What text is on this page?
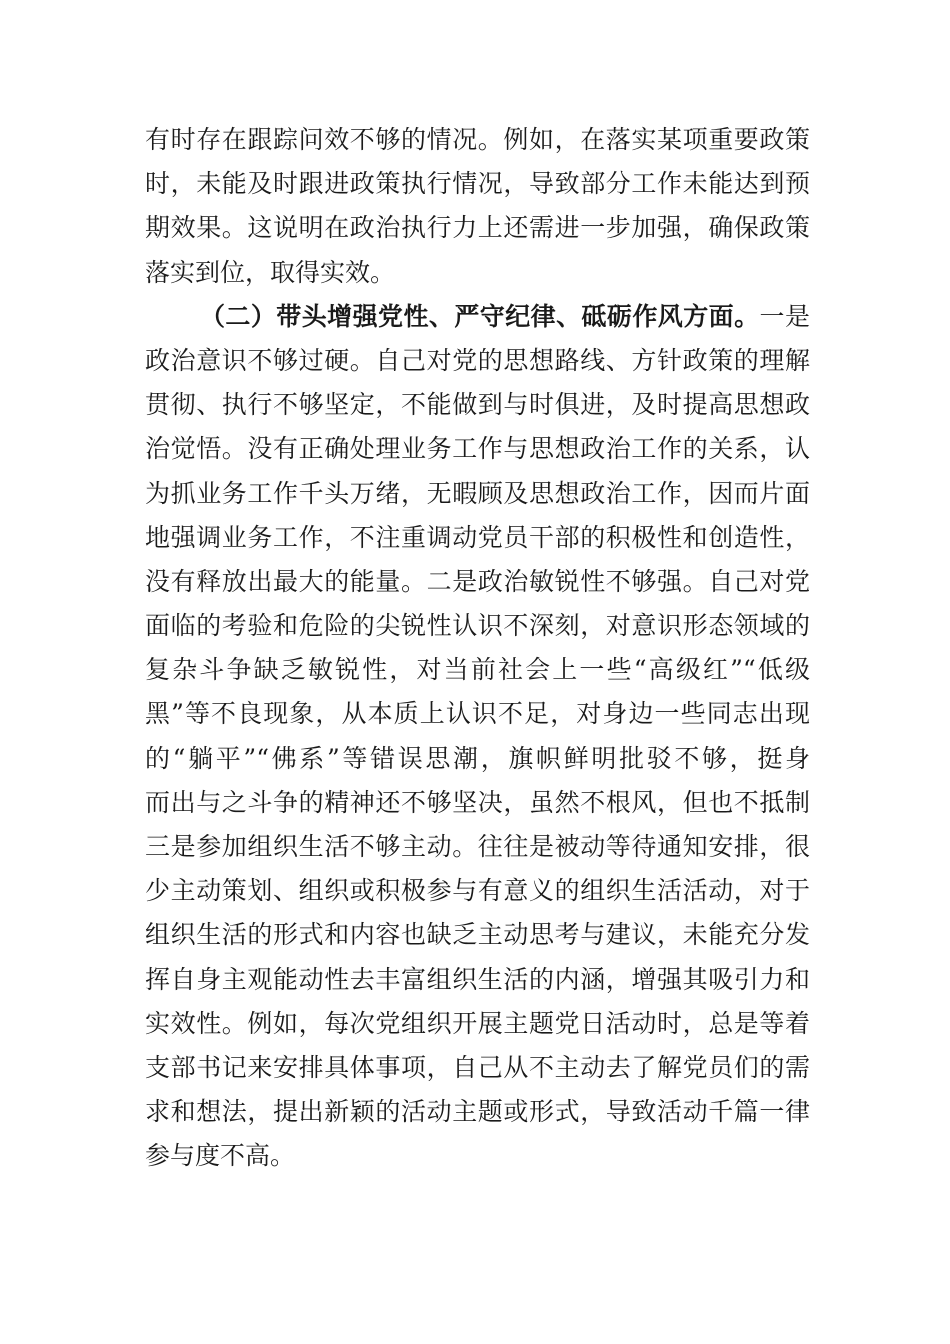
有时存在跟踪问效不够的情况。例如，在落实某项重要政策
时，未能及时跟进政策执行情况，导致部分工作未能达到预
期效果。这说明在政治执行力上还需进一步加强，确保政策
落实到位，取得实效。
（二）带头增强党性、严守纪律、砥砺作风方面。一是
政治意识不够过硬。自己对党的思想路线、方针政策的理解
贯彻、执行不够坚定，不能做到与时俱进，及时提高思想政
治觉悟。没有正确处理业务工作与思想政治工作的关系，认
为抓业务工作千头万绪，无暇顾及思想政治工作，因而片面
地强调业务工作，不注重调动党员干部的积极性和创造性，
没有释放出最大的能量。二是政治敏锐性不够强。自己对党
面临的考验和危险的尖锐性认识不深刻，对意识形态领域的
复杂斗争缺乏敏锐性，对当前社会上一些“高级红”“低级
黑”等不良现象，从本质上认识不足，对身边一些同志出现
的“躺平”“佛系”等错误思潮，旗帜鲜明批驳不够，挺身
而出与之斗争的精神还不够坚决，虽然不根风，但也不抵制
三是参加组织生活不够主动。往往是被动等待通知安排，很
少主动策划、组织或积极参与有意义的组织生活活动，对于
组织生活的形式和内容也缺乏主动思考与建议，未能充分发
挥自身主观能动性去丰富组织生活的内涵，增强其吸引力和
实效性。例如，每次党组织开展主题党日活动时，总是等着
支部书记来安排具体事项，自己从不主动去了解党员们的需
求和想法，提出新颖的活动主题或形式，导致活动千篇一律
参与度不高。
